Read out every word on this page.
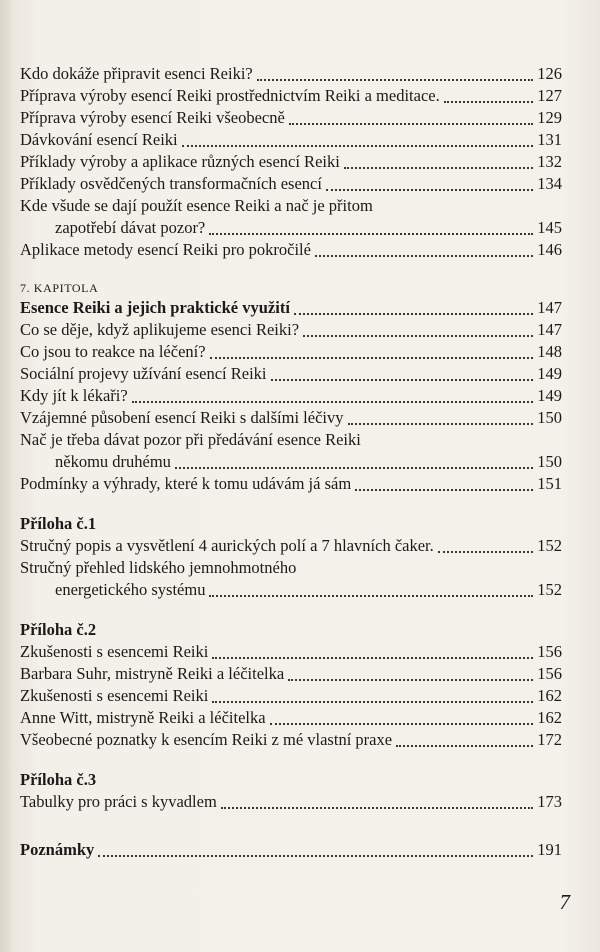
Kdo dokáže připravit esenci Reiki?	126
Příprava výroby esencí Reiki prostřednictvím Reiki a meditace.	127
Příprava výroby esencí Reiki všeobecně	129
Dávkování esencí Reiki	131
Příklady výroby a aplikace různých esencí Reiki	132
Příklady osvědčených transformačních esencí	134
Kde všude se dají použít esence Reiki a nač je přitom
zapotřebí dávat pozor?	145
Aplikace metody esencí Reiki pro pokročilé	146
7. KAPITOLA
Esence Reiki a jejich praktické využití	147
Co se děje, když aplikujeme esenci Reiki?	147
Co jsou to reakce na léčení?	148
Sociální projevy užívání esencí Reiki	149
Kdy jít k lékaři?	149
Vzájemné působení esencí Reiki s dalšími léčivy	150
Nač je třeba dávat pozor při předávání esence Reiki
někomu druhému	150
Podmínky a výhrady, které k tomu udávám já sám	151
Příloha č.1
Stručný popis a vysvětlení 4 aurických polí a 7 hlavních čaker.	152
Stručný přehled lidského jemnohmotného
energetického systému	152
Příloha č.2
Zkušenosti s esencemi Reiki	156
Barbara Suhr, mistryně Reiki a léčitelka	156
Zkušenosti s esencemi Reiki	162
Anne Witt, mistryně Reiki a léčitelka	162
Všeobecné poznatky k esencím Reiki z mé vlastní praxe	172
Příloha č.3
Tabulky pro práci s kyvadlem	173
Poznámky	191
7
